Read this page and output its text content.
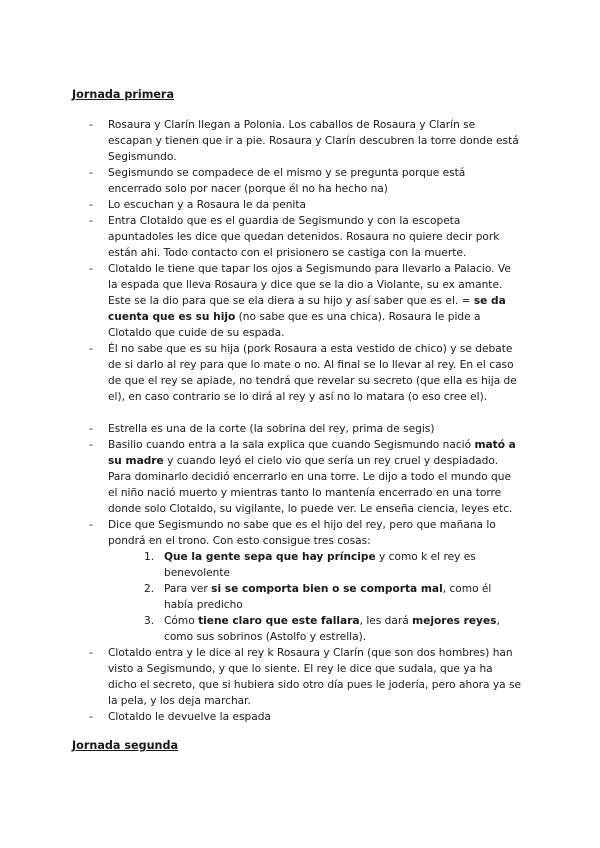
Jornada primera
- Rosaura y Clarín llegan a Polonia. Los caballos de Rosaura y Clarín se escapan y tienen que ir a pie. Rosaura y Clarín descubren la torre donde está Segismundo.
- Segismundo se compadece de el mismo y se pregunta porque está encerrado solo por nacer (porque él no ha hecho na)
- Lo escuchan y a Rosaura le da penita
- Entra Clotaldo que es el guardia de Segismundo y con la escopeta apuntadoles les dice que quedan detenidos. Rosaura no quiere decir pork están ahi. Todo contacto con el prisionero se castiga con la muerte.
- Clotaldo le tiene que tapar los ojos a Segismundo para llevarlo a Palacio. Ve la espada que lleva Rosaura y dice que se la dio a Violante, su ex amante. Este se la dio para que se ela diera a su hijo y así saber que es el. = se da cuenta que es su hijo (no sabe que es una chica). Rosaura le pide a Clotaldo que cuide de su espada.
- Él no sabe que es su hija (pork Rosaura a esta vestido de chico) y se debate de si darlo al rey para que lo mate o no. Al final se lo llevar al rey. En el caso de que el rey se apiade, no tendrá que revelar su secreto (que ella es hija de el), en caso contrario se lo dirá al rey y así no lo matara (o eso cree el).
- Estrella es una de la corte (la sobrina del rey, prima de segis)
- Basilio cuando entra a la sala explica que cuando Segismundo nació mató a su madre y cuando leyó el cielo vio que sería un rey cruel y despiadado. Para dominarlo decidió encerrarlo en una torre. Le dijo a todo el mundo que el niño nació muerto y mientras tanto lo mantenía encerrado en una torre donde solo Clotaldo, su vigilante, lo puede ver. Le enseña ciencia, leyes etc.
- Dice que Segismundo no sabe que es el hijo del rey, pero que mañana lo pondrá en el trono. Con esto consigue tres cosas:
1. Que la gente sepa que hay príncipe y como k el rey es benevolente
2. Para ver si se comporta bien o se comporta mal, como él había predicho
3. Cómo tiene claro que este fallara, les dará mejores reyes, como sus sobrinos (Astolfo y estrella).
- Clotaldo entra y le dice al rey k Rosaura y Clarín (que son dos hombres) han visto a Segismundo, y que lo siente. El rey le dice que sudala, que ya ha dicho el secreto, que si hubiera sido otro día pues le jodería, pero ahora ya se la pela, y los deja marchar.
- Clotaldo le devuelve la espada
Jornada segunda
